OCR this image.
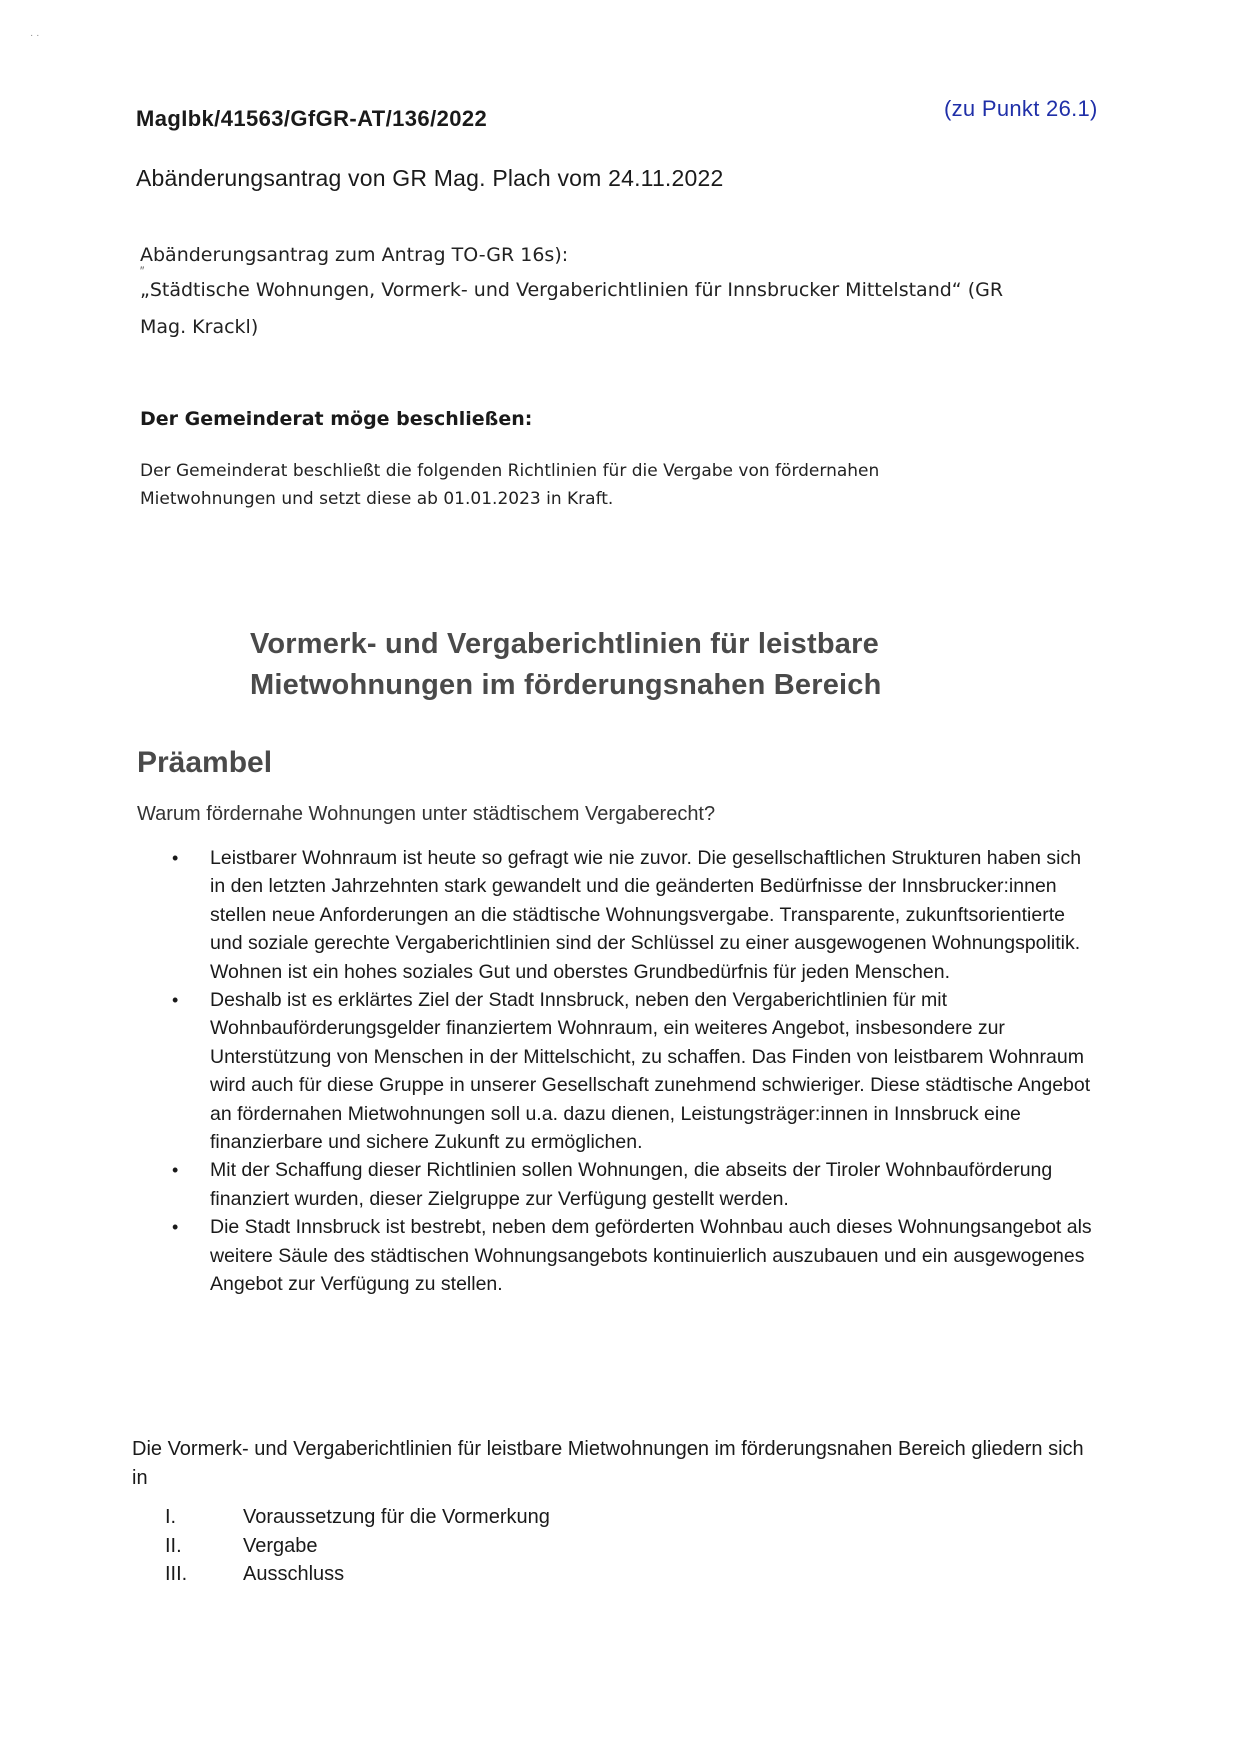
· ·
MagIbk/41563/GfGR-AT/136/2022	(zu Punkt 26.1)
Abänderungsantrag von GR Mag. Plach vom 24.11.2022
Abänderungsantrag zum Antrag TO-GR 16s):
″
„Städtische Wohnungen, Vormerk- und Vergaberichtlinien für Innsbrucker Mittelstand“ (GR
Mag. Krackl)
Der Gemeinderat möge beschließen:
Der Gemeinderat beschließt die folgenden Richtlinien für die Vergabe von fördernahen
Mietwohnungen und setzt diese ab 01.01.2023 in Kraft.
Vormerk- und Vergaberichtlinien für leistbare
Mietwohnungen im förderungsnahen Bereich
Präambel
Warum fördernahe Wohnungen unter städtischem Vergaberecht?
• Leistbarer Wohnraum ist heute so gefragt wie nie zuvor. Die gesellschaftlichen Strukturen haben sich in den letzten Jahrzehnten stark gewandelt und die geänderten Bedürfnisse der Innsbrucker:innen stellen neue Anforderungen an die städtische Wohnungsvergabe. Transparente, zukunftsorientierte und soziale gerechte Vergaberichtlinien sind der Schlüssel zu einer ausgewogenen Wohnungspolitik. Wohnen ist ein hohes soziales Gut und oberstes Grundbedürfnis für jeden Menschen.
• Deshalb ist es erklärtes Ziel der Stadt Innsbruck, neben den Vergaberichtlinien für mit Wohnbauförderungsgelder finanziertem Wohnraum, ein weiteres Angebot, insbesondere zur Unterstützung von Menschen in der Mittelschicht, zu schaffen. Das Finden von leistbarem Wohnraum wird auch für diese Gruppe in unserer Gesellschaft zunehmend schwieriger. Diese städtische Angebot an fördernahen Mietwohnungen soll u.a. dazu dienen, Leistungsträger:innen in Innsbruck eine finanzierbare und sichere Zukunft zu ermöglichen.
• Mit der Schaffung dieser Richtlinien sollen Wohnungen, die abseits der Tiroler Wohnbauförderung finanziert wurden, dieser Zielgruppe zur Verfügung gestellt werden.
• Die Stadt Innsbruck ist bestrebt, neben dem geförderten Wohnbau auch dieses Wohnungsangebot als weitere Säule des städtischen Wohnungsangebots kontinuierlich auszubauen und ein ausgewogenes Angebot zur Verfügung zu stellen.
Die Vormerk- und Vergaberichtlinien für leistbare Mietwohnungen im förderungsnahen Bereich gliedern sich in
I.	Voraussetzung für die Vormerkung
II.	Vergabe
III.	Ausschluss
